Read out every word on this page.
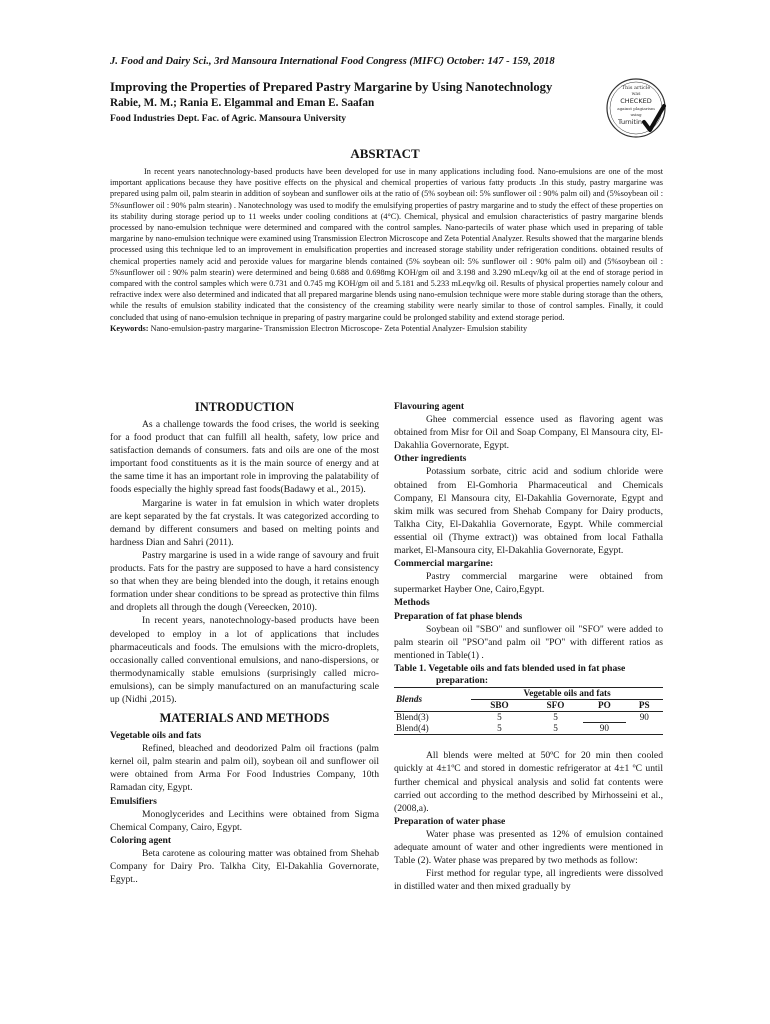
J. Food and Dairy Sci., 3rd Mansoura International Food Congress (MIFC) October: 147 - 159, 2018
Improving the Properties of Prepared Pastry Margarine by Using Nanotechnology
Rabie, M. M.; Rania E. Elgammal and Eman E. Saafan
Food Industries Dept. Fac. of Agric. Mansoura University
This article
was
CHECKED
against plagiarism
using
Turnitin
ABSRTACT

In recent years nanotechnology-based products have been developed for use in many applications including food. Nano-emulsions are one of the most important applications because they have positive effects on the physical and chemical properties of various fatty products .In this study, pastry margarine was prepared using palm oil, palm stearin in addition of soybean and sunflower oils at the ratio of (5% soybean oil: 5% sunflower oil : 90% palm oil) and (5%soybean oil : 5%sunflower oil : 90% palm stearin) . Nanotechnology was used to modify the emulsifying properties of pastry margarine and to study the effect of these properties on its stability during storage period up to 11 weeks under cooling conditions at (4°C). Chemical, physical and emulsion characteristics of pastry margarine blends processed by nano-emulsion technique were determined and compared with the control samples. Nano-partecils of water phase which used in preparing of table margarine by nano-emulsion technique were examined using Transmission Electron Microscope and Zeta Potential Analyzer. Results showed that the margarine blends processed using this technique led to an improvement in emulsification properties and increased storage stability under refrigeration conditions. obtained results of chemical properties namely acid and peroxide values for margarine blends contained (5% soybean oil: 5% sunflower oil : 90% palm oil) and (5%soybean oil : 5%sunflower oil : 90% palm stearin) were determined and being 0.688 and 0.698mg KOH/gm oil and 3.198 and 3.290 mLeqv/kg oil at the end of storage period in compared with the control samples which were 0.731 and 0.745 mg KOH/gm oil and 5.181 and 5.233 mLeqv/kg oil. Results of physical properties namely colour and refractive index were also determined and indicated that all prepared margarine blends using nano-emulsion technique were more stable during storage than the others, while the results of emulsion stability indicated that the consistency of the creaming stability were nearly similar to those of control samples. Finally, it could concluded that using of nano-emulsion technique in preparing of pastry margarine could be prolonged stability and extend storage period.

Keywords: Nano-emulsion-pastry margarine- Transmission Electron Microscope- Zeta Potential Analyzer- Emulsion stability
INTRODUCTION

As a challenge towards the food crises, the world is seeking for a food product that can fulfill all health, safety, low price and satisfaction demands of consumers. fats and oils are one of the most important food constituents as it is the main source of energy and at the same time it has an important role in improving the palatability of foods especially the highly spread fast foods(Badawy et al., 2015).

Margarine is water in fat emulsion in which water droplets are kept separated by the fat crystals. It was categorized according to demand by different consumers and based on melting points and hardness Dian and Sahri (2011).

Pastry margarine is used in a wide range of savoury and fruit products. Fats for the pastry are supposed to have a hard consistency so that when they are being blended into the dough, it retains enough formation under shear conditions to be spread as protective thin films and droplets all through the dough (Vereecken, 2010).

In recent years, nanotechnology-based products have been developed to employ in a lot of applications that includes pharmaceuticals and foods. The emulsions with the micro-droplets, occasionally called conventional emulsions, and nano-dispersions, or thermodynamically stable emulsions (surprisingly called micro-emulsions), can be simply manufactured on an manufacturing scale up (Nidhi ,2015).

MATERIALS AND METHODS
Vegetable oils and fats

Refined, bleached and deodorized Palm oil fractions (palm kernel oil, palm stearin and palm oil), soybean oil and sunflower oil were obtained from Arma For Food Industries Company, 10th Ramadan city, Egypt.

Emulsifiers

Monoglycerides and Lecithins were obtained from Sigma Chemical Company, Cairo, Egypt.

Coloring agent

Beta carotene as colouring matter was obtained from Shehab Company for Dairy Pro. Talkha City, El-Dakahlia Governorate, Egypt..

Flavouring agent

Ghee commercial essence used as flavoring agent was obtained from Misr for Oil and Soap Company, El Mansoura city, El-Dakahlia Governorate, Egypt.

Other ingredients

Potassium sorbate, citric acid and sodium chloride were obtained from El-Gomhoria Pharmaceutical and Chemicals Company, El Mansoura city, El-Dakahlia Governorate, Egypt and skim milk was secured from Shehab Company for Dairy products, Talkha City, El-Dakahlia Governorate, Egypt. While commercial essential oil (Thyme extract)) was obtained from local Fathalla market, El-Mansoura city, El-Dakahlia Governorate, Egypt.

Commercial margarine:

Pastry commercial margarine were obtained from supermarket Hayber One, Cairo,Egypt.

Methods
Preparation of fat phase blends

Soybean oil "SBO" and sunflower oil "SFO" were added to palm stearin oil "PSO"and palm oil "PO" with different ratios as mentioned in Table(1) .

Table 1. Vegetable oils and fats blended used in fat phase
preparation:
Blends	Vegetable oils and fats			
	SBO	SFO	PO	PS
Blend(3)	5	5		90
Blend(4)	5	5	90	

All blends were melted at 50ºC for 20 min then cooled quickly at 4±1ºC and stored in domestic refrigerator at 4±1 ºC until further chemical and physical analysis and solid fat contents were carried out according to the method described by Mirhosseini et al., (2008,a).

Preparation of water phase

Water phase was presented as 12% of emulsion contained adequate amount of water and other ingredients were mentioned in Table (2). Water phase was prepared by two methods as follow:

First method for regular type, all ingredients were dissolved in distilled water and then mixed gradually by
